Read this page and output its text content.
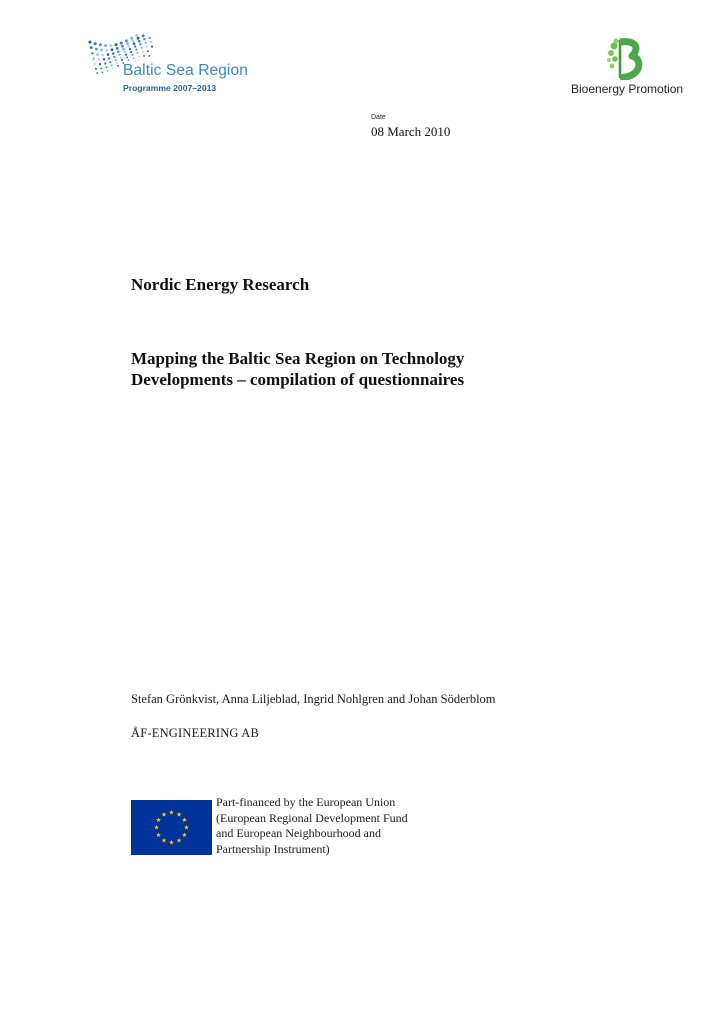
Baltic Sea Region
Programme 2007–2013	Bioenergy Promotion
Date
08 March 2010
Nordic Energy Research
Mapping the Baltic Sea Region on Technology
Developments – compilation of questionnaires
Stefan Grönkvist, Anna Liljeblad, Ingrid Nohlgren and Johan Söderblom
ÅF-ENGINEERING AB
Part-financed by the European Union
(European Regional Development Fund
and European Neighbourhood and
Partnership Instrument)
